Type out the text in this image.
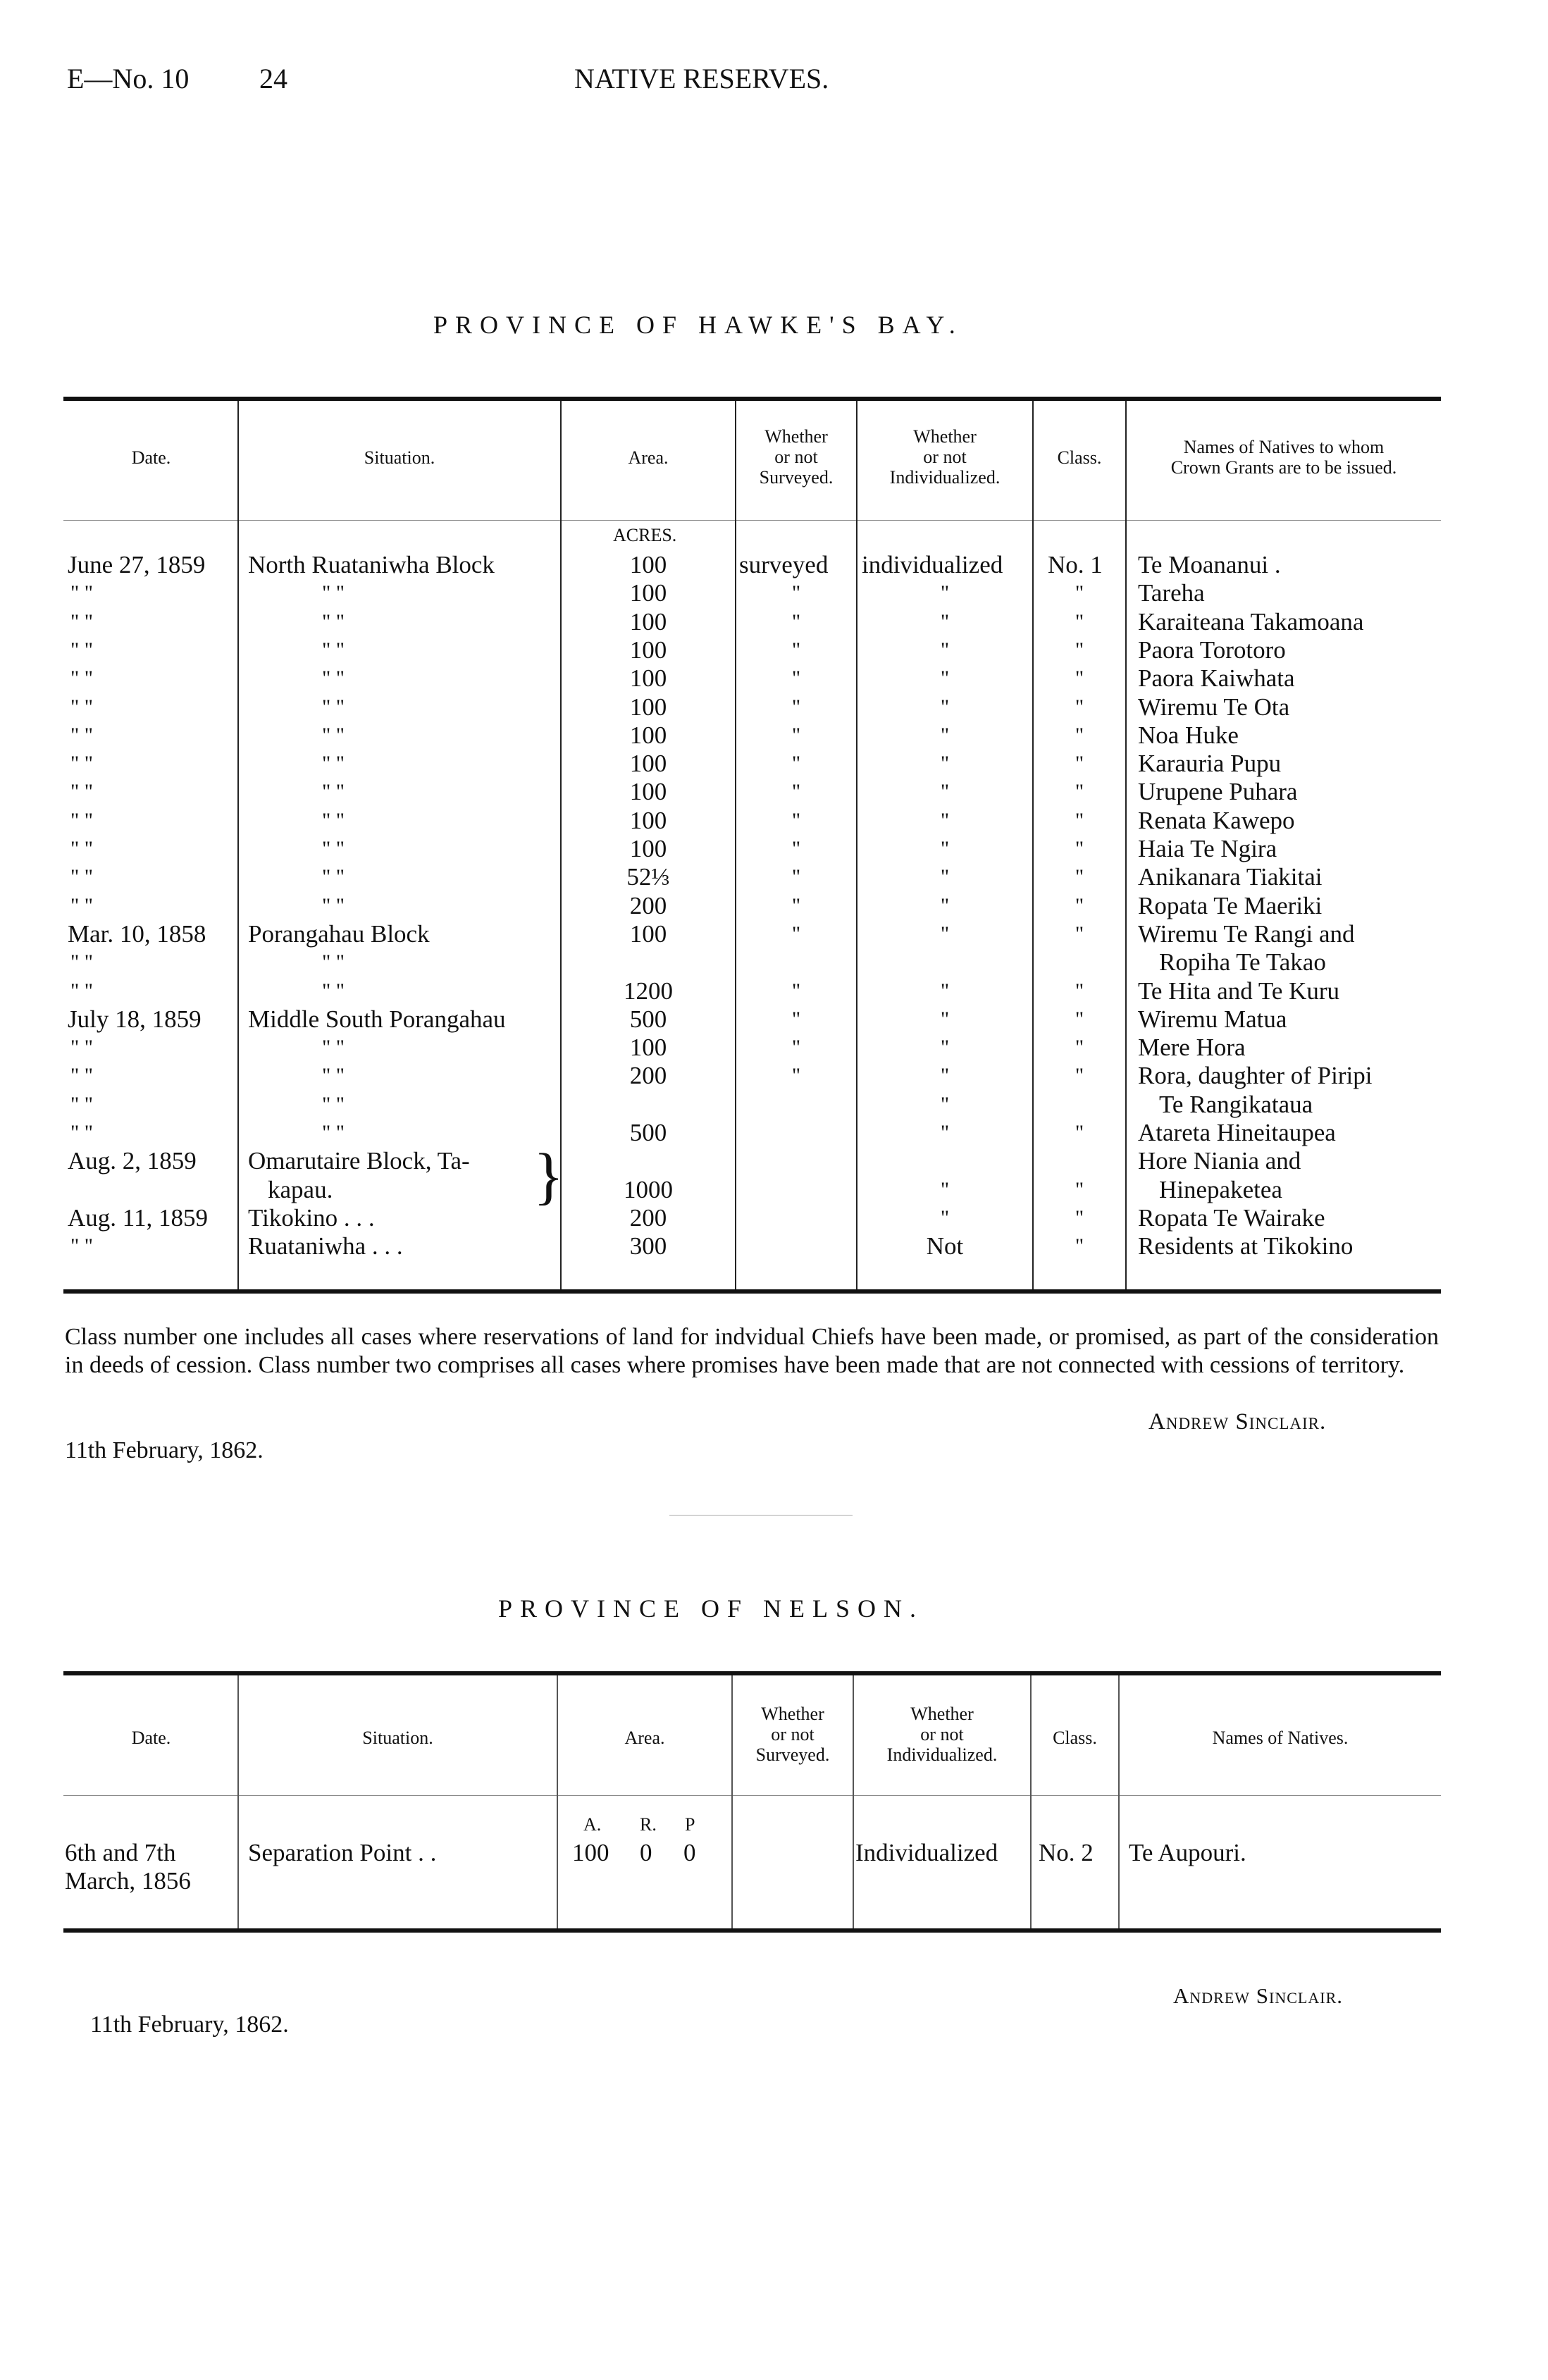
E—No. 10 24	NATIVE RESERVES.
PROVINCE OF HAWKE'S BAY.
Date.	Situation.	Area.
Whether
or not
Surveyed.
Whether
or not
Individualized.
Class.
Names of Natives to whom
Crown Grants are to be issued.
ACRES.
June 27, 1859 North Ruataniwha Block	100	surveyed	individualized	No. 1	Te Moananui .
" "	" "	100	"	"	"	Tareha
" "	" "	100	"	"	"	Karaiteana Takamoana
" "	" "	100	"	"	"	Paora Torotoro
" "	" "	100	"	"	"	Paora Kaiwhata
" "	" "	100	"	"	"	Wiremu Te Ota
" "	" "	100	"	"	"	Noa Huke
" "	" "	100	"	"	"	Karauria Pupu
" "	" "	100	"	"	"	Urupene Puhara
" "	" "	100	"	"	"	Renata Kawepo
" "	" "	100	"	"	"	Haia Te Ngira
" "	" "	52⅓	"	"	"	Anikanara Tiakitai
" "	" "	200	"	"	"	Ropata Te Maeriki
Mar. 10, 1858 Porangahau Block	100	"	"	"	Wiremu Te Rangi and
" "	" "	Ropiha Te Takao
" "	" "	1200	"	"	"	Te Hita and Te Kuru
July 18, 1859 Middle South Porangahau	500	"	"	"	Wiremu Matua
" "	" "	100	"	"	"	Mere Hora
" "	" "	200	"	"	"	Rora, daughter of Piripi
" "	" "	"	Te Rangikataua
" "	" "	500	"	"	Atareta Hineitaupea
Aug. 2, 1859 Omarutaire Block, Ta-	Hore Niania and
kapau.	1000	"	"	Hinepaketea
Aug. 11, 1859 Tikokino . . .	200	"	"	Ropata Te Wairake
" "	Ruataniwha . . .	300	Not	"	Residents at Tikokino
}
Class number one includes all cases where reservations of land for indvidual Chiefs have been made, or promised, as part of the consideration in deeds of cession. Class number two comprises all cases where promises have been made that are not connected with cessions of territory.
Andrew Sinclair.
11th February, 1862.
PROVINCE OF NELSON.
Date.	Situation.	Area.
Whether
or not
Surveyed.
Whether
or not
Individualized.
Class.	Names of Natives.
A. R. P
6th and 7th
March, 1856
Separation Point . .	100 0 0	Individualized No. 2 Te Aupouri.
Andrew Sinclair.
11th February, 1862.
